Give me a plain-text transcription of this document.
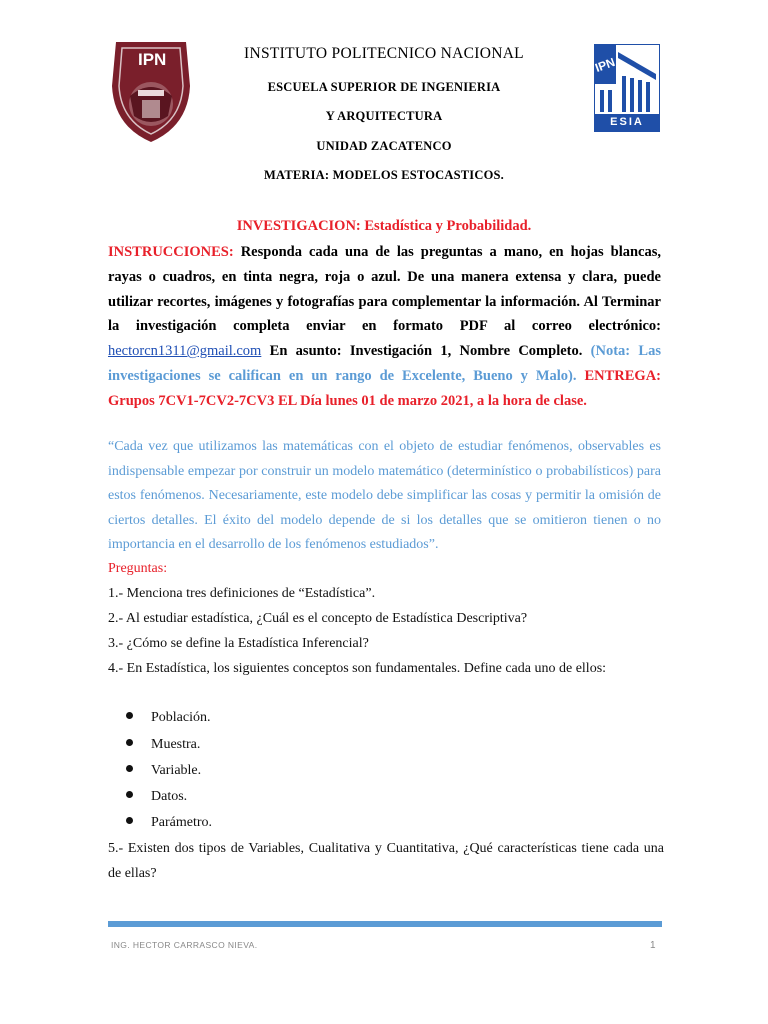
IPN	IPN
ESIA
INSTITUTO POLITECNICO NACIONAL
ESCUELA SUPERIOR DE INGENIERIA
Y ARQUITECTURA
UNIDAD ZACATENCO
MATERIA: MODELOS ESTOCASTICOS.
INVESTIGACION: Estadística y Probabilidad.
INSTRUCCIONES: Responda cada una de las preguntas a mano, en hojas blancas, rayas o cuadros, en tinta negra, roja o azul. De una manera extensa y clara, puede utilizar recortes, imágenes y fotografías para complementar la información. Al Terminar la investigación completa enviar en formato PDF al correo electrónico: hectorcn1311@gmail.com En asunto: Investigación 1, Nombre Completo. (Nota: Las investigaciones se califican en un rango de Excelente, Bueno y Malo). ENTREGA: Grupos 7CV1-7CV2-7CV3 EL Día lunes 01 de marzo 2021, a la hora de clase.
“Cada vez que utilizamos las matemáticas con el objeto de estudiar fenómenos, observables es indispensable empezar por construir un modelo matemático (determinístico o probabilísticos) para estos fenómenos. Necesariamente, este modelo debe simplificar las cosas y permitir la omisión de ciertos detalles. El éxito del modelo depende de si los detalles que se omitieron tienen o no importancia en el desarrollo de los fenómenos estudiados”.
Preguntas:
1.- Menciona tres definiciones de “Estadística”.
2.- Al estudiar estadística, ¿Cuál es el concepto de Estadística Descriptiva?
3.- ¿Cómo se define la Estadística Inferencial?
4.- En Estadística, los siguientes conceptos son fundamentales. Define cada uno de ellos:
Población.
Muestra.
Variable.
Datos.
Parámetro.
5.- Existen dos tipos de Variables, Cualitativa y Cuantitativa, ¿Qué características tiene cada una de ellas?
ING. HECTOR CARRASCO NIEVA.	1
